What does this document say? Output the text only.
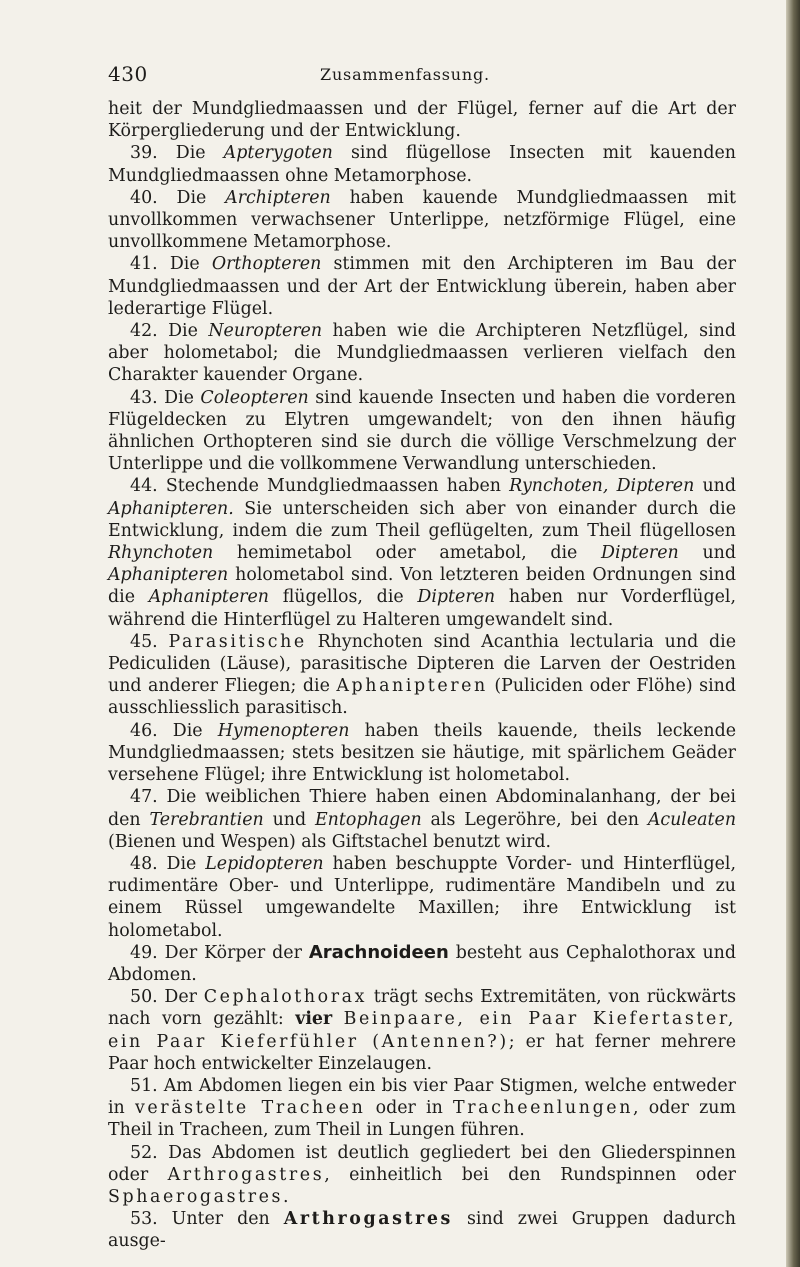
430	Zusammenfassung.

heit der Mundgliedmaassen und der Flügel, ferner auf die Art der Körpergliederung und der Entwicklung.

39. Die Apterygoten sind flügellose Insecten mit kauenden Mundgliedmaassen ohne Metamorphose.

40. Die Archipteren haben kauende Mundgliedmaassen mit unvollkommen verwachsener Unterlippe, netzförmige Flügel, eine unvollkommene Metamorphose.

41. Die Orthopteren stimmen mit den Archipteren im Bau der Mundgliedmaassen und der Art der Entwicklung überein, haben aber lederartige Flügel.

42. Die Neuropteren haben wie die Archipteren Netzflügel, sind aber holometabol; die Mundgliedmaassen verlieren vielfach den Charakter kauender Organe.

43. Die Coleopteren sind kauende Insecten und haben die vorderen Flügeldecken zu Elytren umgewandelt; von den ihnen häufig ähnlichen Orthopteren sind sie durch die völlige Verschmelzung der Unterlippe und die vollkommene Verwandlung unterschieden.

44. Stechende Mundgliedmaassen haben Rynchoten, Dipteren und Aphanipteren. Sie unterscheiden sich aber von einander durch die Entwicklung, indem die zum Theil geflügelten, zum Theil flügellosen Rhynchoten hemimetabol oder ametabol, die Dipteren und Aphanipteren holometabol sind. Von letzteren beiden Ordnungen sind die Aphanipteren flügellos, die Dipteren haben nur Vorderflügel, während die Hinterflügel zu Halteren umgewandelt sind.

45. Parasitische Rhynchoten sind Acanthia lectularia und die Pediculiden (Läuse), parasitische Dipteren die Larven der Oestriden und anderer Fliegen; die Aphanipteren (Puliciden oder Flöhe) sind ausschliesslich parasitisch.

46. Die Hymenopteren haben theils kauende, theils leckende Mundgliedmaassen; stets besitzen sie häutige, mit spärlichem Geäder versehene Flügel; ihre Entwicklung ist holometabol.

47. Die weiblichen Thiere haben einen Abdominalanhang, der bei den Terebrantien und Entophagen als Legeröhre, bei den Aculeaten (Bienen und Wespen) als Giftstachel benutzt wird.

48. Die Lepidopteren haben beschuppte Vorder- und Hinterflügel, rudimentäre Ober- und Unterlippe, rudimentäre Mandibeln und zu einem Rüssel umgewandelte Maxillen; ihre Entwicklung ist holometabol.

49. Der Körper der Arachnoideen besteht aus Cephalothorax und Abdomen.

50. Der Cephalothorax trägt sechs Extremitäten, von rückwärts nach vorn gezählt: vier Beinpaare, ein Paar Kiefertaster, ein Paar Kieferfühler (Antennen?); er hat ferner mehrere Paar hoch entwickelter Einzelaugen.

51. Am Abdomen liegen ein bis vier Paar Stigmen, welche entweder in verästelte Tracheen oder in Tracheenlungen, oder zum Theil in Tracheen, zum Theil in Lungen führen.

52. Das Abdomen ist deutlich gegliedert bei den Gliederspinnen oder Arthrogastres, einheitlich bei den Rundspinnen oder Sphaerogastres.

53. Unter den Arthrogastres sind zwei Gruppen dadurch ausge-
